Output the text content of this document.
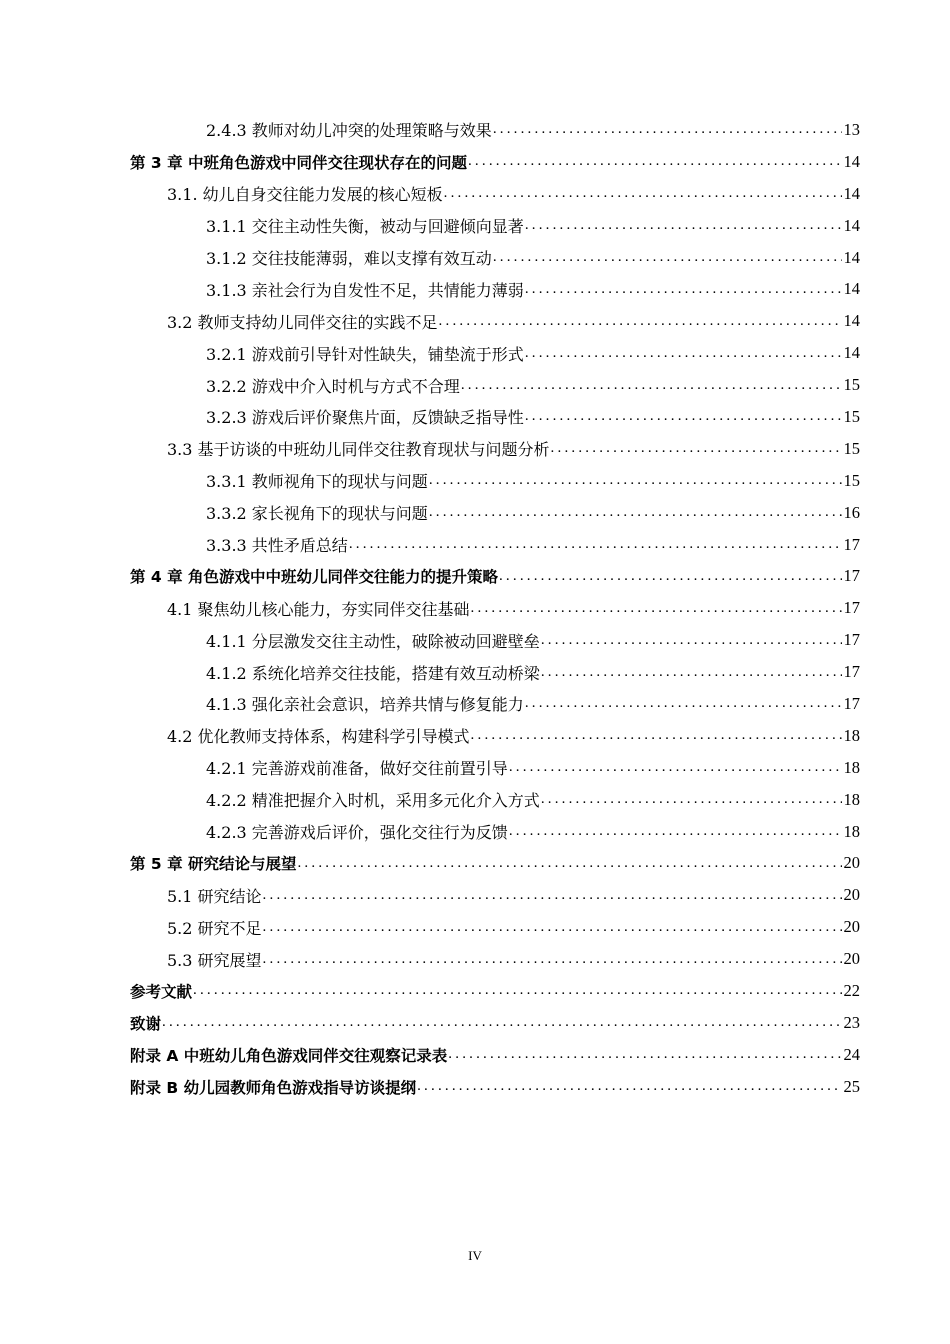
2.4.3 教师对幼儿冲突的处理策略与效果 .....	13
第 3 章 中班角色游戏中同伴交往现状存在的问题 .....	14
3.1. 幼儿自身交往能力发展的核心短板 .....	14
3.1.1 交往主动性失衡，被动与回避倾向显著 .....	14
3.1.2 交往技能薄弱，难以支撑有效互动 .....	14
3.1.3 亲社会行为自发性不足，共情能力薄弱 .....	14
3.2 教师支持幼儿同伴交往的实践不足 .....	14
3.2.1 游戏前引导针对性缺失，铺垫流于形式 .....	14
3.2.2 游戏中介入时机与方式不合理 .....	15
3.2.3 游戏后评价聚焦片面，反馈缺乏指导性 .....	15
3.3 基于访谈的中班幼儿同伴交往教育现状与问题分析 .....	15
3.3.1 教师视角下的现状与问题 .....	15
3.3.2 家长视角下的现状与问题 .....	16
3.3.3 共性矛盾总结 .....	17
第 4 章 角色游戏中中班幼儿同伴交往能力的提升策略 .....	17
4.1 聚焦幼儿核心能力，夯实同伴交往基础 .....	17
4.1.1 分层激发交往主动性，破除被动回避壁垒 .....	17
4.1.2 系统化培养交往技能，搭建有效互动桥梁 .....	17
4.1.3 强化亲社会意识，培养共情与修复能力 .....	17
4.2 优化教师支持体系，构建科学引导模式 .....	18
4.2.1 完善游戏前准备，做好交往前置引导 .....	18
4.2.2 精准把握介入时机，采用多元化介入方式 .....	18
4.2.3 完善游戏后评价，强化交往行为反馈 .....	18
第 5 章 研究结论与展望 .....	20
5.1 研究结论 .....	20
5.2 研究不足 .....	20
5.3 研究展望 .....	20
参考文献 .....	22
致谢 .....	23
附录 A 中班幼儿角色游戏同伴交往观察记录表 .....	24
附录 B 幼儿园教师角色游戏指导访谈提纲 .....	25
IV
